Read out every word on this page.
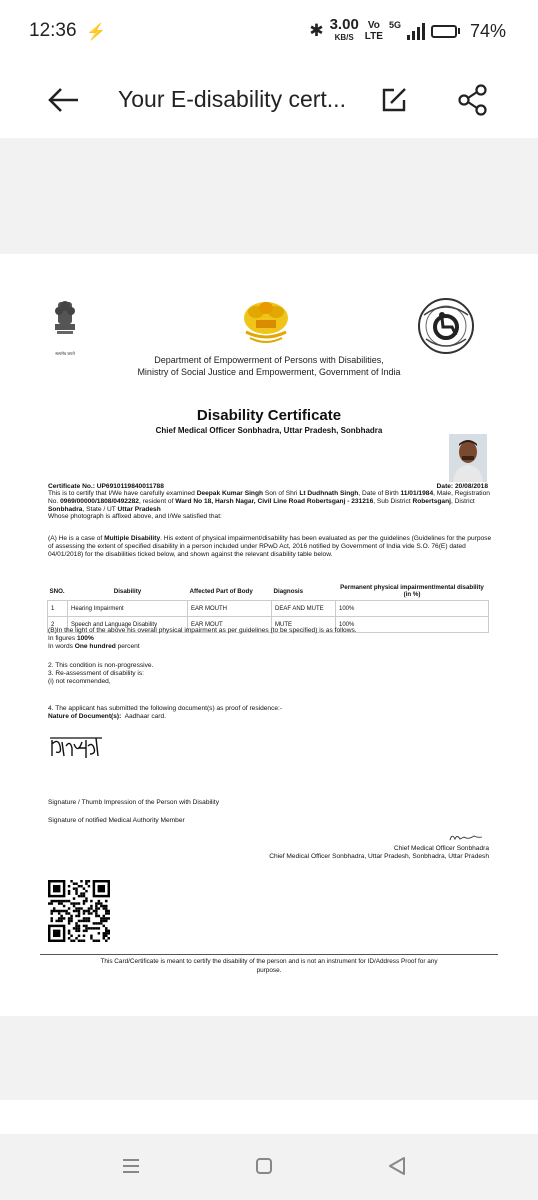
12:36 ⚡	✱ 3.00
KB/S
Vo
LTE
5G	74%
Your E-disability cert...
सत्यमेव जयते
Department of Empowerment of Persons with Disabilities,
Ministry of Social Justice and Empowerment, Government of India
Disability Certificate
Chief Medical Officer Sonbhadra, Uttar Pradesh, Sonbhadra
Certificate No.: UP6910119840011788	Date: 20/08/2018
This is to certify that I/We have carefully examined Deepak Kumar Singh Son of Shri Lt Dudhnath Singh, Date of Birth 11/01/1984, Male, Registration No. 0969/00000/1808/0492282, resident of Ward No 18, Harsh Nagar, Civil Line Road Robertsganj - 231216, Sub District Robertsganj, District Sonbhadra, State / UT Uttar Pradesh
Whose photograph is affixed above, and I/We satisfied that:
(A) He is a case of Multiple Disability. His extent of physical impairment/disability has been evaluated as per the guidelines (Guidelines for the purpose of assessing the extent of specified disability in a person included under RPwD Act, 2016 notified by Government of India vide S.O. 76(E) dated 04/01/2018) for the disabilities ticked below, and shown against the relevant disability table below.
SNO.	Disability	Affected Part of Body	Diagnosis	Permanent physical impairment/mental disability (in %)
1	Hearing Impairment	EAR MOUTH	DEAF AND MUTE	100%
2	Speech and Language Disability	EAR MOUT	MUTE	100%
(B)In the light of the above his overall physical impairment as per guidelines (to be specified) is as follows.
In figures 100%
In words One hundred percent
2. This condition is non-progressive.
3. Re-assessment of disability is:
(i) not recommended,
4. The applicant has submitted the following document(s) as proof of residence:-
Nature of Document(s): Aadhaar card.
Signature / Thumb Impression of the Person with Disability
Signature of notified Medical Authority Member
Chief Medical Officer Sonbhadra
Chief Medical Officer Sonbhadra, Uttar Pradesh, Sonbhadra, Uttar Pradesh
This Card/Certificate is meant to certify the disability of the person and is not an instrument for ID/Address Proof for any
purpose.
